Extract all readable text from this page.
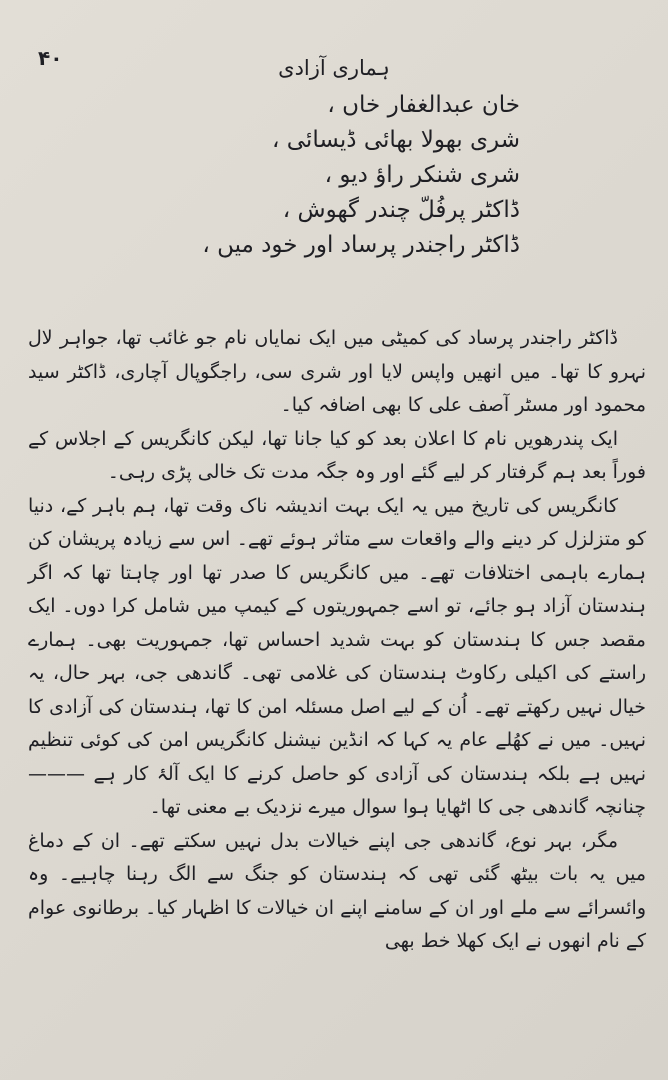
۴۰	ہماری آزادی
خان عبدالغفار خاں ،
شری بھولا بھائی ڈیسائی ،
شری شنکر راؤ دیو ،
ڈاکٹر پرفُلّ چندر گھوش ،
ڈاکٹر راجندر پرساد اور خود میں ،

ڈاکٹر راجندر پرساد کی کمیٹی میں ایک نمایاں نام جو غائب تھا، جواہر لال نہرو کا تھا۔ میں انھیں واپس لایا اور شری سی، راجگوپال آچاری، ڈاکٹر سید محمود اور مسٹر آصف علی کا بھی اضافہ کیا۔

ایک پندرھویں نام کا اعلان بعد کو کیا جانا تھا، لیکن کانگریس کے اجلاس کے فوراً بعد ہم گرفتار کر لیے گئے اور وہ جگہ مدت تک خالی پڑی رہی۔

کانگریس کی تاریخ میں یہ ایک بہت اندیشہ ناک وقت تھا، ہم باہر کے، دنیا کو متزلزل کر دینے والے واقعات سے متاثر ہوئے تھے۔ اس سے زیادہ پریشان کن ہمارے باہمی اختلافات تھے۔ میں کانگریس کا صدر تھا اور چاہتا تھا کہ اگر ہندستان آزاد ہو جائے، تو اسے جمہوریتوں کے کیمپ میں شامل کرا دوں۔ ایک مقصد جس کا ہندستان کو بہت شدید احساس تھا، جمہوریت بھی۔ ہمارے راستے کی اکیلی رکاوٹ ہندستان کی غلامی تھی۔ گاندھی جی، بہر حال، یہ خیال نہیں رکھتے تھے۔ اُن کے لیے اصل مسئلہ امن کا تھا، ہندستان کی آزادی کا نہیں۔ میں نے کھُلے عام یہ کہا کہ انڈین نیشنل کانگریس امن کی کوئی تنظیم نہیں ہے بلکہ ہندستان کی آزادی کو حاصل کرنے کا ایک آلۂ کار ہے ——— چنانچہ گاندھی جی کا اٹھایا ہوا سوال میرے نزدیک بے معنی تھا۔

مگر، بہر نوع، گاندھی جی اپنے خیالات بدل نہیں سکتے تھے۔ ان کے دماغ میں یہ بات بیٹھ گئی تھی کہ ہندستان کو جنگ سے الگ رہنا چاہیے۔ وہ وائسرائے سے ملے اور ان کے سامنے اپنے ان خیالات کا اظہار کیا۔ برطانوی عوام کے نام انھوں نے ایک کھلا خط بھی
